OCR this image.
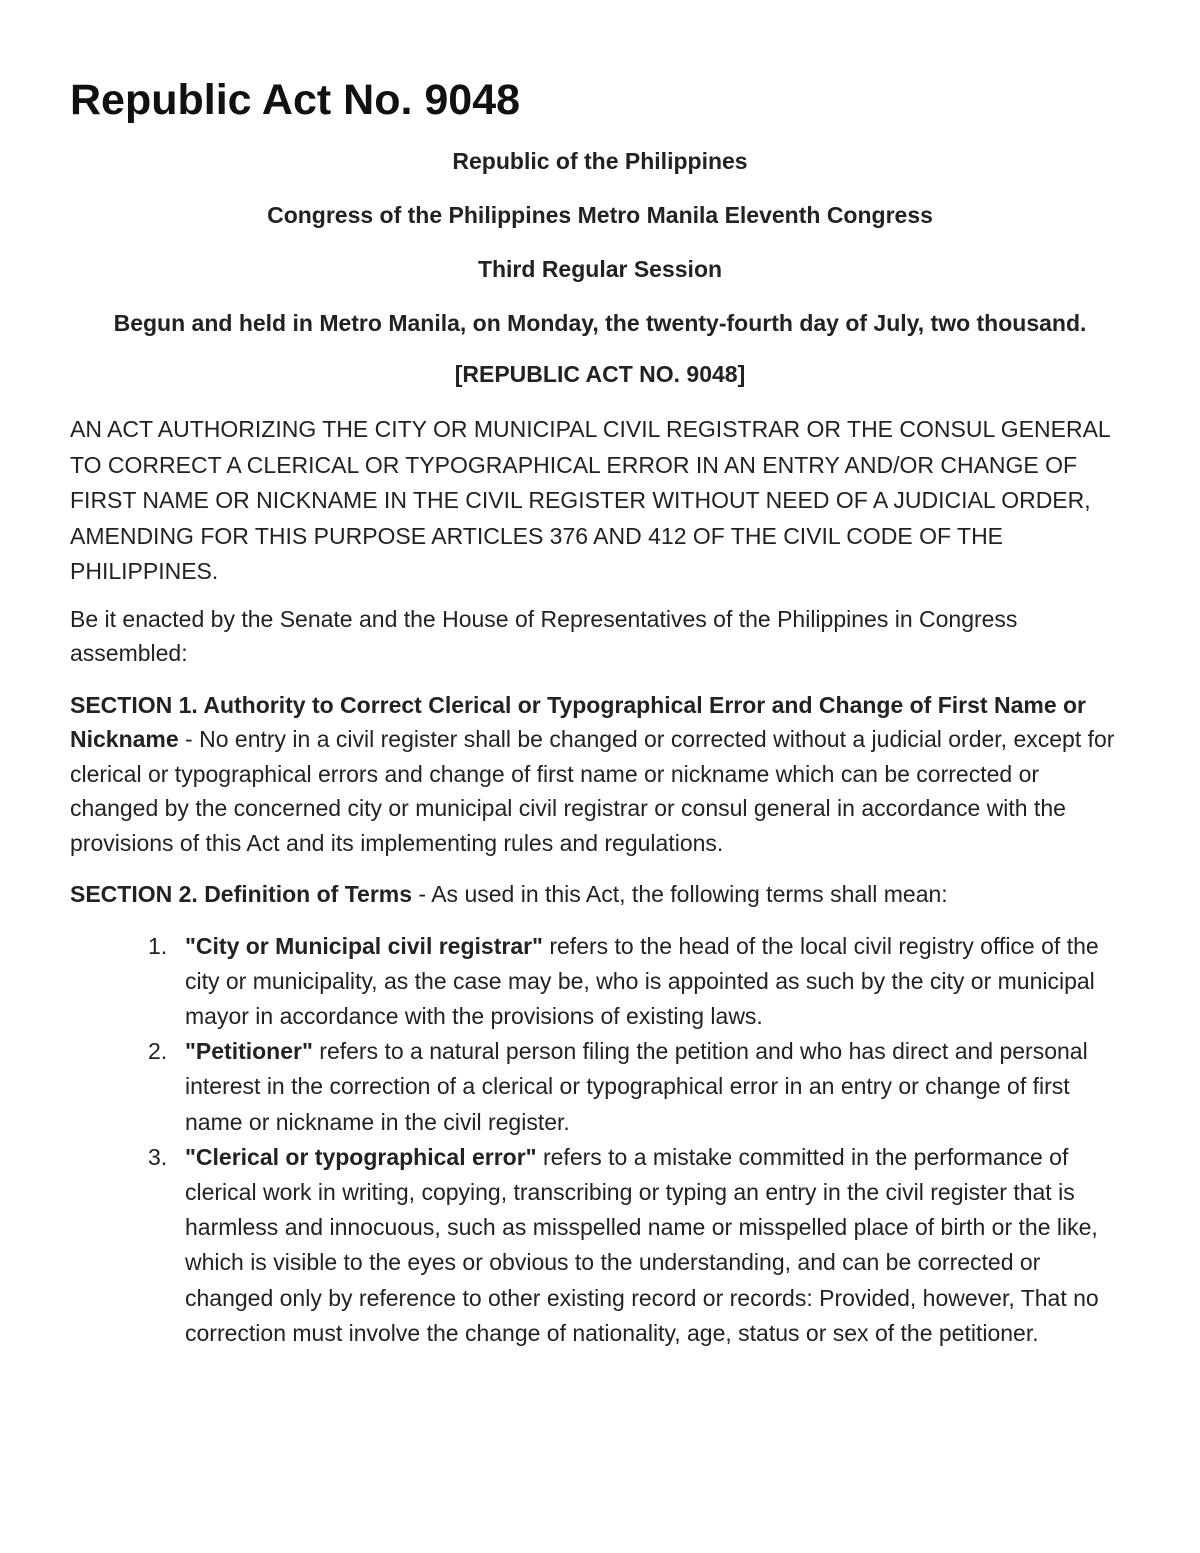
Republic Act No. 9048

Republic of the Philippines

Congress of the Philippines Metro Manila Eleventh Congress

Third Regular Session

Begun and held in Metro Manila, on Monday, the twenty-fourth day of July, two thousand.

[REPUBLIC ACT NO. 9048]

AN ACT AUTHORIZING THE CITY OR MUNICIPAL CIVIL REGISTRAR OR THE CONSUL GENERAL TO CORRECT A CLERICAL OR TYPOGRAPHICAL ERROR IN AN ENTRY AND/OR CHANGE OF FIRST NAME OR NICKNAME IN THE CIVIL REGISTER WITHOUT NEED OF A JUDICIAL ORDER, AMENDING FOR THIS PURPOSE ARTICLES 376 AND 412 OF THE CIVIL CODE OF THE PHILIPPINES.

Be it enacted by the Senate and the House of Representatives of the Philippines in Congress assembled:

SECTION 1. Authority to Correct Clerical or Typographical Error and Change of First Name or Nickname - No entry in a civil register shall be changed or corrected without a judicial order, except for clerical or typographical errors and change of first name or nickname which can be corrected or changed by the concerned city or municipal civil registrar or consul general in accordance with the provisions of this Act and its implementing rules and regulations.

SECTION 2. Definition of Terms - As used in this Act, the following terms shall mean:

1. "City or Municipal civil registrar" refers to the head of the local civil registry office of the city or municipality, as the case may be, who is appointed as such by the city or municipal mayor in accordance with the provisions of existing laws.
2. "Petitioner" refers to a natural person filing the petition and who has direct and personal interest in the correction of a clerical or typographical error in an entry or change of first name or nickname in the civil register.
3. "Clerical or typographical error" refers to a mistake committed in the performance of clerical work in writing, copying, transcribing or typing an entry in the civil register that is harmless and innocuous, such as misspelled name or misspelled place of birth or the like, which is visible to the eyes or obvious to the understanding, and can be corrected or changed only by reference to other existing record or records: Provided, however, That no correction must involve the change of nationality, age, status or sex of the petitioner.
